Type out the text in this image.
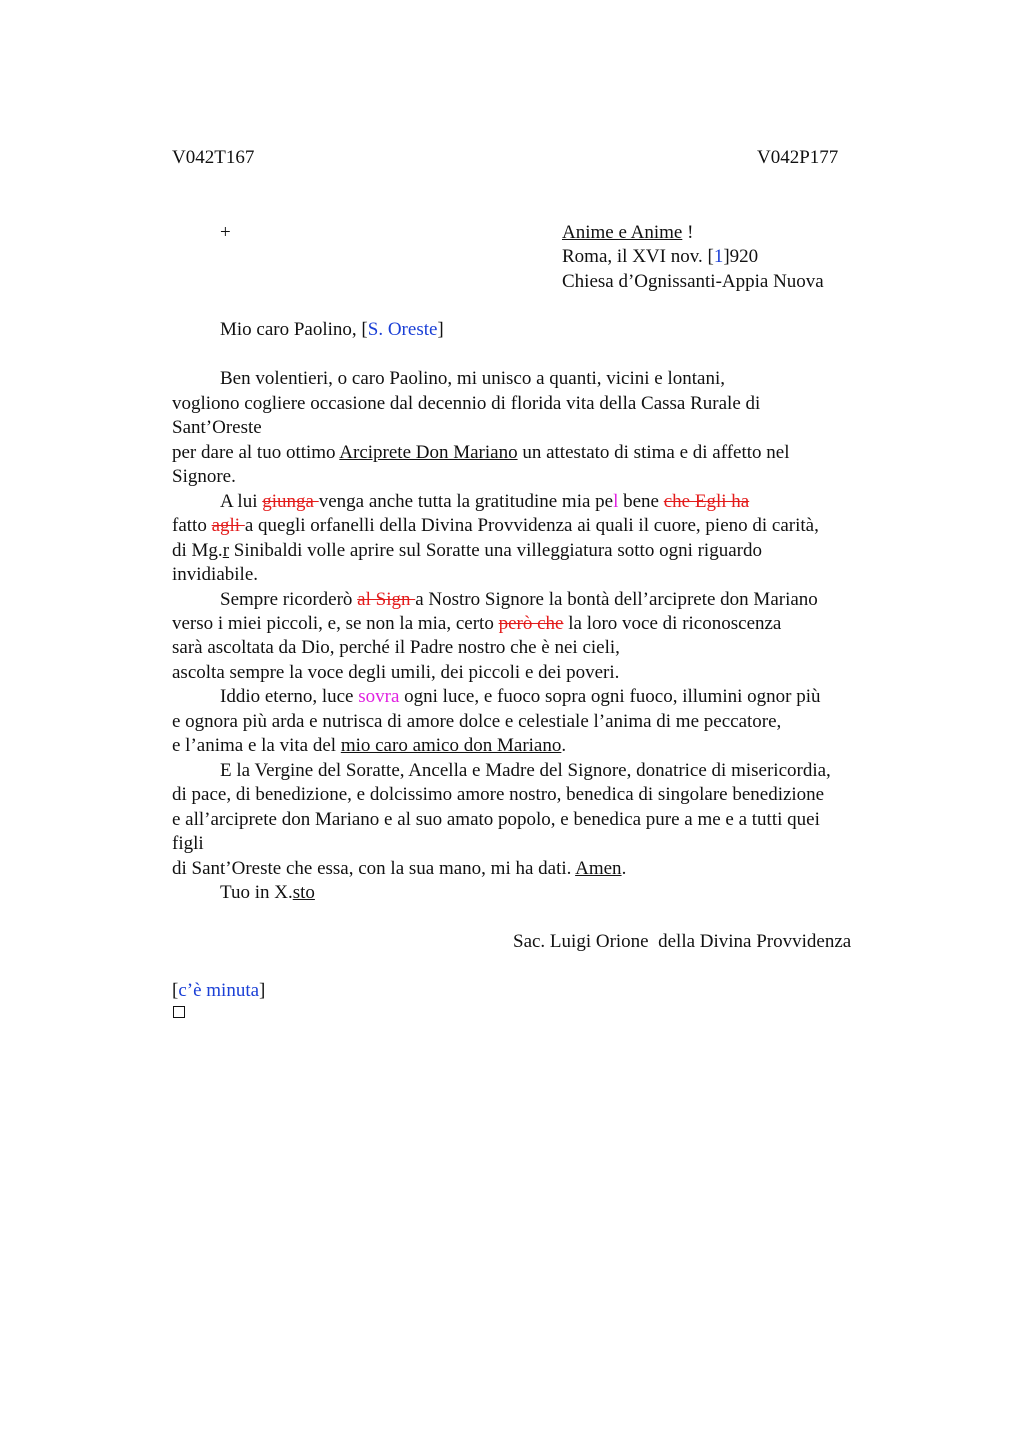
V042T167	V042P177
+	Anime e Anime !
Roma, il XVI nov. [1]920
Chiesa d’Ognissanti-Appia Nuova
Mio caro Paolino, [S. Oreste]
Ben volentieri, o caro Paolino, mi unisco a quanti, vicini e lontani,
vogliono cogliere occasione dal decennio di florida vita della Cassa Rurale di
Sant’Oreste
per dare al tuo ottimo Arciprete Don Mariano un attestato di stima e di affetto nel
Signore.
A lui giunga venga anche tutta la gratitudine mia pel bene che Egli ha
fatto agli a quegli orfanelli della Divina Provvidenza ai quali il cuore, pieno di carità,
di Mg.r Sinibaldi volle aprire sul Soratte una villeggiatura sotto ogni riguardo
invidiabile.
Sempre ricorderò al Sign a Nostro Signore la bontà dell’arciprete don Mariano
verso i miei piccoli, e, se non la mia, certo però che la loro voce di riconoscenza
sarà ascoltata da Dio, perché il Padre nostro che è nei cieli,
ascolta sempre la voce degli umili, dei piccoli e dei poveri.
Iddio eterno, luce sovra ogni luce, e fuoco sopra ogni fuoco, illumini ognor più
e ognora più arda e nutrisca di amore dolce e celestiale l’anima di me peccatore,
e l’anima e la vita del mio caro amico don Mariano.
E la Vergine del Soratte, Ancella e Madre del Signore, donatrice di misericordia,
di pace, di benedizione, e dolcissimo amore nostro, benedica di singolare benedizione
e all’arciprete don Mariano e al suo amato popolo, e benedica pure a me e a tutti quei
figli
di Sant’Oreste che essa, con la sua mano, mi ha dati. Amen.
Tuo in X.sto
Sac. Luigi Orione  della Divina Provvidenza
[c’è minuta]
